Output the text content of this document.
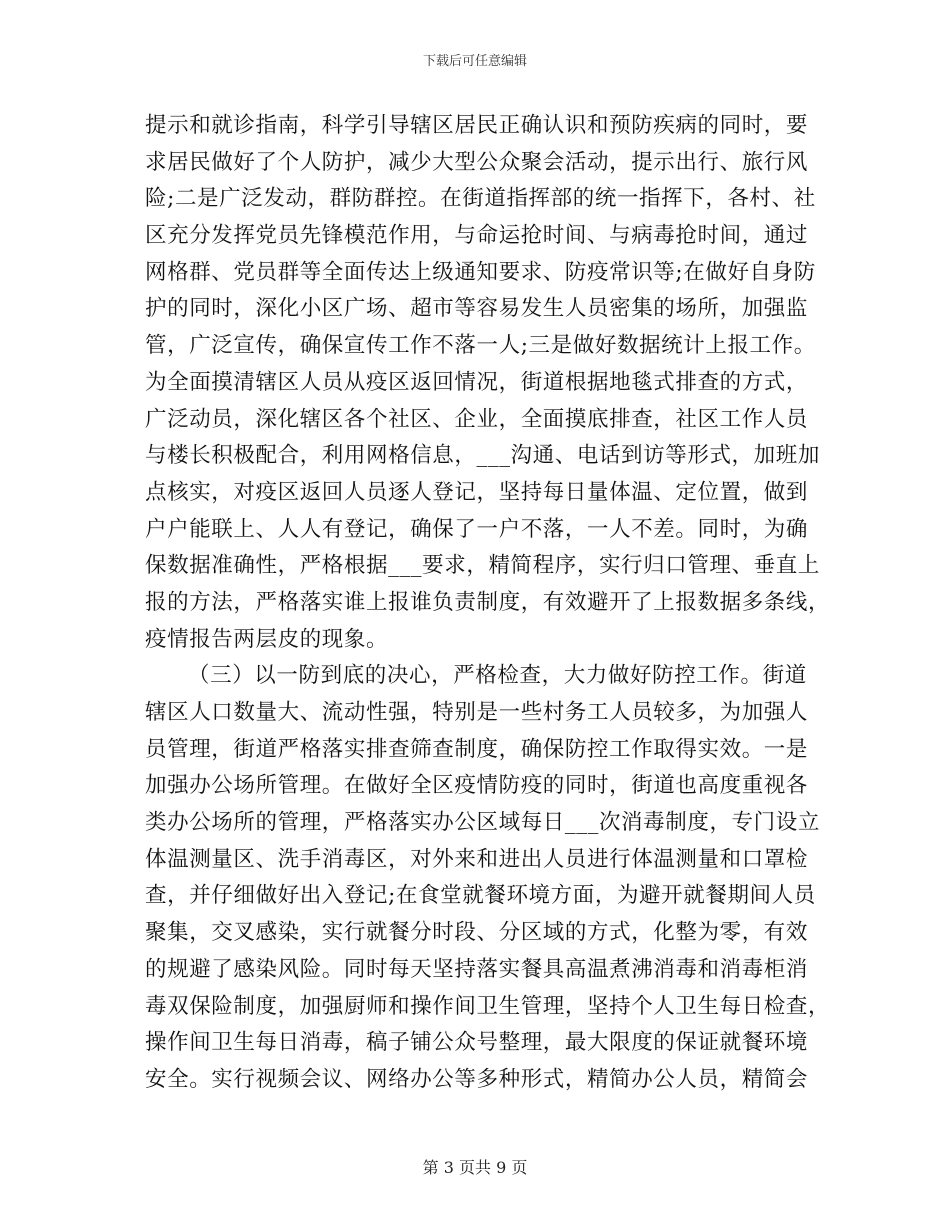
下载后可任意编辑
提示和就诊指南，科学引导辖区居民正确认识和预防疾病的同时，要
求居民做好了个人防护，减少大型公众聚会活动，提示出行、旅行风
险;二是广泛发动，群防群控。在街道指挥部的统一指挥下，各村、社
区充分发挥党员先锋模范作用，与命运抢时间、与病毒抢时间，通过
网格群、党员群等全面传达上级通知要求、防疫常识等;在做好自身防
护的同时，深化小区广场、超市等容易发生人员密集的场所，加强监
管，广泛宣传，确保宣传工作不落一人;三是做好数据统计上报工作。
为全面摸清辖区人员从疫区返回情况，街道根据地毯式排查的方式，
广泛动员，深化辖区各个社区、企业，全面摸底排查，社区工作人员
与楼长积极配合，利用网格信息，___沟通、电话到访等形式，加班加
点核实，对疫区返回人员逐人登记，坚持每日量体温、定位置，做到
户户能联上、人人有登记，确保了一户不落，一人不差。同时，为确
保数据准确性，严格根据___要求，精简程序，实行归口管理、垂直上
报的方法，严格落实谁上报谁负责制度，有效避开了上报数据多条线，
疫情报告两层皮的现象。
（三）以一防到底的决心，严格检查，大力做好防控工作。街道
辖区人口数量大、流动性强，特别是一些村务工人员较多，为加强人
员管理，街道严格落实排查筛查制度，确保防控工作取得实效。一是
加强办公场所管理。在做好全区疫情防疫的同时，街道也高度重视各
类办公场所的管理，严格落实办公区域每日___次消毒制度，专门设立
体温测量区、洗手消毒区，对外来和进出人员进行体温测量和口罩检
查，并仔细做好出入登记;在食堂就餐环境方面，为避开就餐期间人员
聚集，交叉感染，实行就餐分时段、分区域的方式，化整为零，有效
的规避了感染风险。同时每天坚持落实餐具高温煮沸消毒和消毒柜消
毒双保险制度，加强厨师和操作间卫生管理，坚持个人卫生每日检查，
操作间卫生每日消毒，稿子铺公众号整理，最大限度的保证就餐环境
安全。实行视频会议、网络办公等多种形式，精简办公人员，精简会
第 3 页共 9 页
